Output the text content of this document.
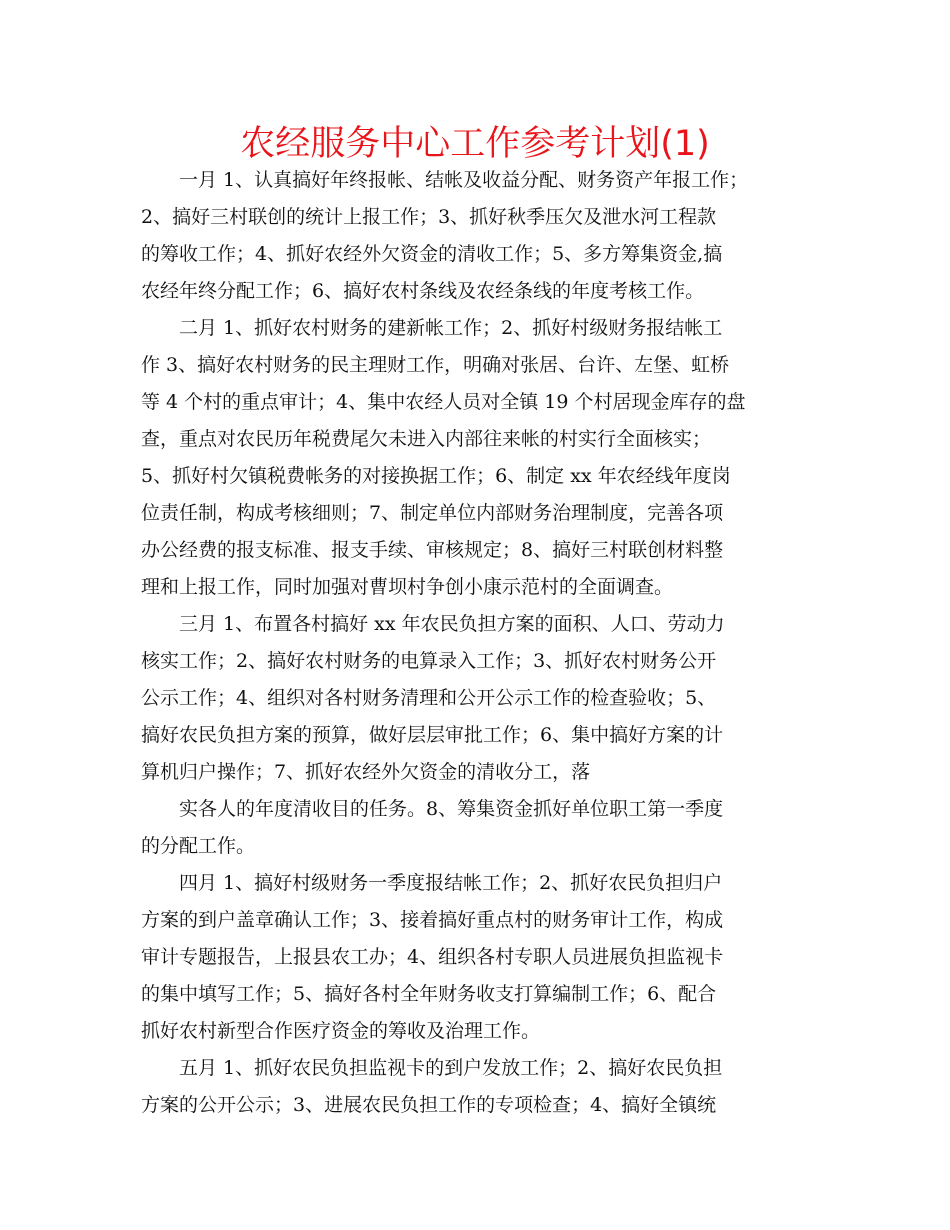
农经服务中心工作参考计划(1)

一月 1、认真搞好年终报帐、结帐及收益分配、财务资产年报工作；
2、搞好三村联创的统计上报工作；3、抓好秋季压欠及泄水河工程款
的筹收工作；4、抓好农经外欠资金的清收工作；5、多方筹集资金,搞
农经年终分配工作；6、搞好农村条线及农经条线的年度考核工作。

二月 1、抓好农村财务的建新帐工作；2、抓好村级财务报结帐工
作 3、搞好农村财务的民主理财工作，明确对张居、台许、左堡、虹桥
等 4 个村的重点审计；4、集中农经人员对全镇 19 个村居现金库存的盘
查，重点对农民历年税费尾欠未进入内部往来帐的村实行全面核实；
5、抓好村欠镇税费帐务的对接换据工作；6、制定 xx 年农经线年度岗
位责任制，构成考核细则；7、制定单位内部财务治理制度，完善各项
办公经费的报支标准、报支手续、审核规定；8、搞好三村联创材料整
理和上报工作，同时加强对曹坝村争创小康示范村的全面调查。

三月 1、布置各村搞好 xx 年农民负担方案的面积、人口、劳动力
核实工作；2、搞好农村财务的电算录入工作；3、抓好农村财务公开
公示工作；4、组织对各村财务清理和公开公示工作的检查验收；5、
搞好农民负担方案的预算，做好层层审批工作；6、集中搞好方案的计
算机归户操作；7、抓好农经外欠资金的清收分工，落

实各人的年度清收目的任务。8、筹集资金抓好单位职工第一季度
的分配工作。

四月 1、搞好村级财务一季度报结帐工作；2、抓好农民负担归户
方案的到户盖章确认工作；3、接着搞好重点村的财务审计工作，构成
审计专题报告，上报县农工办；4、组织各村专职人员进展负担监视卡
的集中填写工作；5、搞好各村全年财务收支打算编制工作；6、配合
抓好农村新型合作医疗资金的筹收及治理工作。

五月 1、抓好农民负担监视卡的到户发放工作；2、搞好农民负担
方案的公开公示；3、进展农民负担工作的专项检查；4、搞好全镇统
